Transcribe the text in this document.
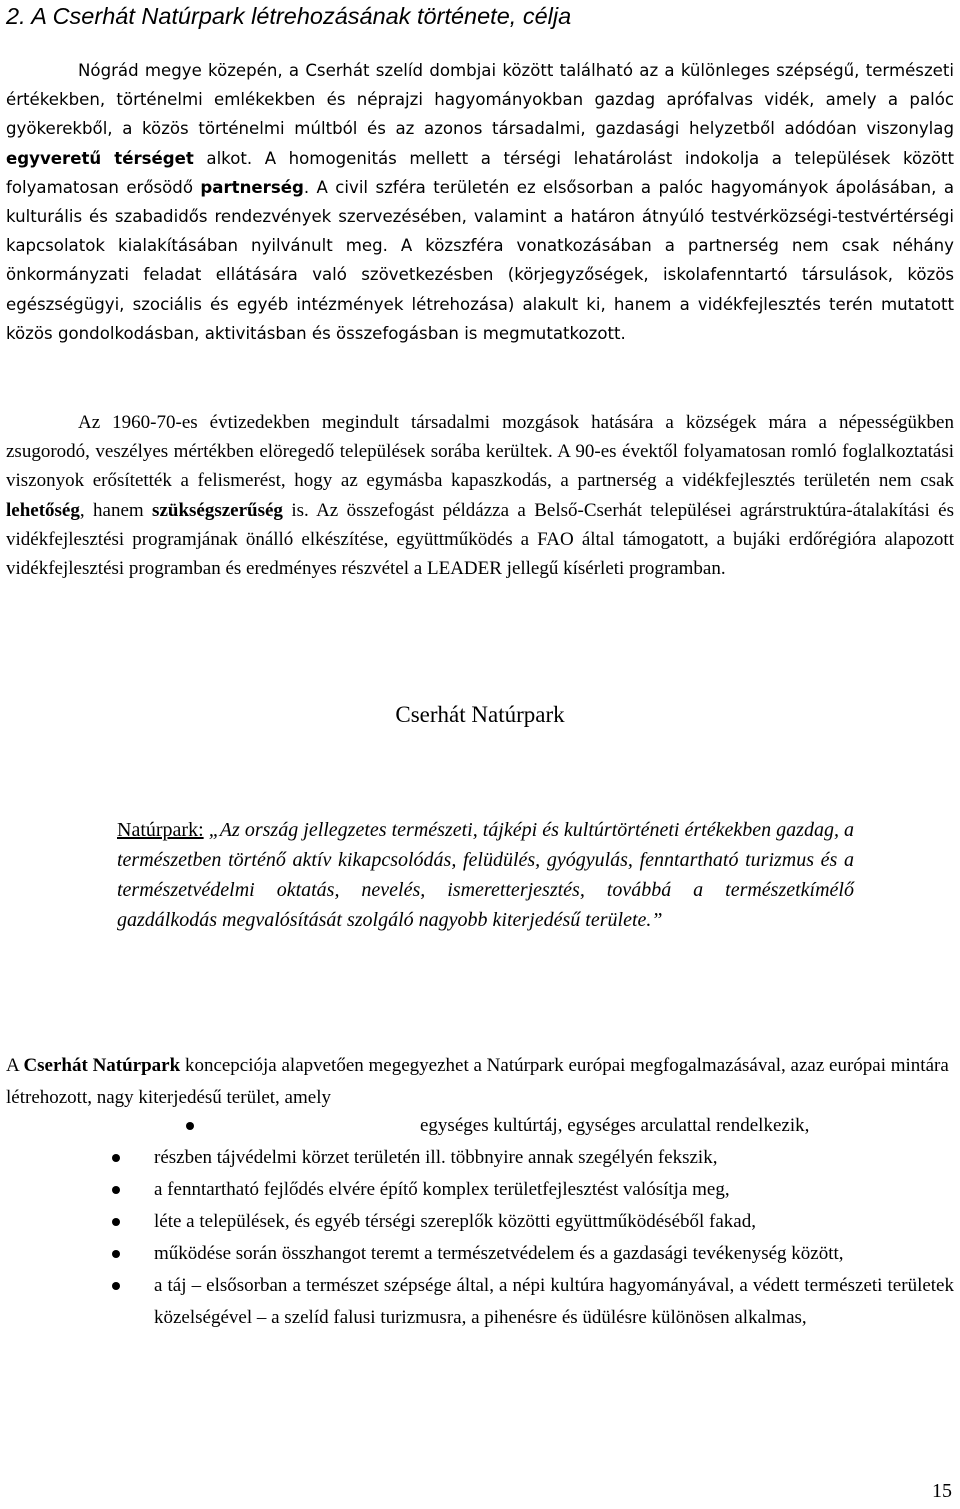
2. A Cserhát Natúrpark létrehozásának története, célja

Nógrád megye közepén, a Cserhát szelíd dombjai között található az a különleges szépségű, természeti értékekben, történelmi emlékekben és néprajzi hagyományokban gazdag aprófalvas vidék, amely a palóc gyökerekből, a közös történelmi múltból és az azonos társadalmi, gazdasági helyzetből adódóan viszonylag egyveretű térséget alkot. A homogenitás mellett a térségi lehatárolást indokolja a települések között folyamatosan erősödő partnerség. A civil szféra területén ez elsősorban a palóc hagyományok ápolásában, a kulturális és szabadidős rendezvények szervezésében, valamint a határon átnyúló testvérközségi-testvértérségi kapcsolatok kialakításában nyilvánult meg. A közszféra vonatkozásában a partnerség nem csak néhány önkormányzati feladat ellátására való szövetkezésben (körjegyzőségek, iskolafenntartó társulások, közös egészségügyi, szociális és egyéb intézmények létrehozása) alakult ki, hanem a vidékfejlesztés terén mutatott közös gondolkodásban, aktivitásban és összefogásban is megmutatkozott.

Az 1960-70-es évtizedekben megindult társadalmi mozgások hatására a községek mára a népességükben zsugorodó, veszélyes mértékben elöregedő települések sorába kerültek. A 90-es évektől folyamatosan romló foglalkoztatási viszonyok erősítették a felismerést, hogy az egymásba kapaszkodás, a partnerség a vidékfejlesztés területén nem csak lehetőség, hanem szükségszerűség is. Az összefogást példázza a Belső-Cserhát települései agrárstruktúra-átalakítási és vidékfejlesztési programjának önálló elkészítése, együttműködés a FAO által támogatott, a bujáki erdőrégióra alapozott vidékfejlesztési programban és eredményes részvétel a LEADER jellegű kísérleti programban.

Cserhát Natúrpark

Natúrpark: „Az ország jellegzetes természeti, tájképi és kultúrtörténeti értékekben gazdag, a természetben történő aktív kikapcsolódás, felüdülés, gyógyulás, fenntartható turizmus és a természetvédelmi oktatás, nevelés, ismeretterjesztés, továbbá a természetkímélő gazdálkodás megvalósítását szolgáló nagyobb kiterjedésű területe.”

A Cserhát Natúrpark koncepciója alapvetően megegyezhet a Natúrpark európai megfogalmazásával, azaz európai mintára létrehozott, nagy kiterjedésű terület, amely

egységes kultúrtáj, egységes arculattal rendelkezik,
részben tájvédelmi körzet területén ill. többnyire annak szegélyén fekszik,
a fenntartható fejlődés elvére építő komplex területfejlesztést valósítja meg,
léte a települések, és egyéb térségi szereplők közötti együttműködéséből fakad,
működése során összhangot teremt a természetvédelem és a gazdasági tevékenység között,
a táj – elsősorban a természet szépsége által, a népi kultúra hagyományával, a védett természeti területek közelségével – a szelíd falusi turizmusra, a pihenésre és üdülésre különösen alkalmas,

15
